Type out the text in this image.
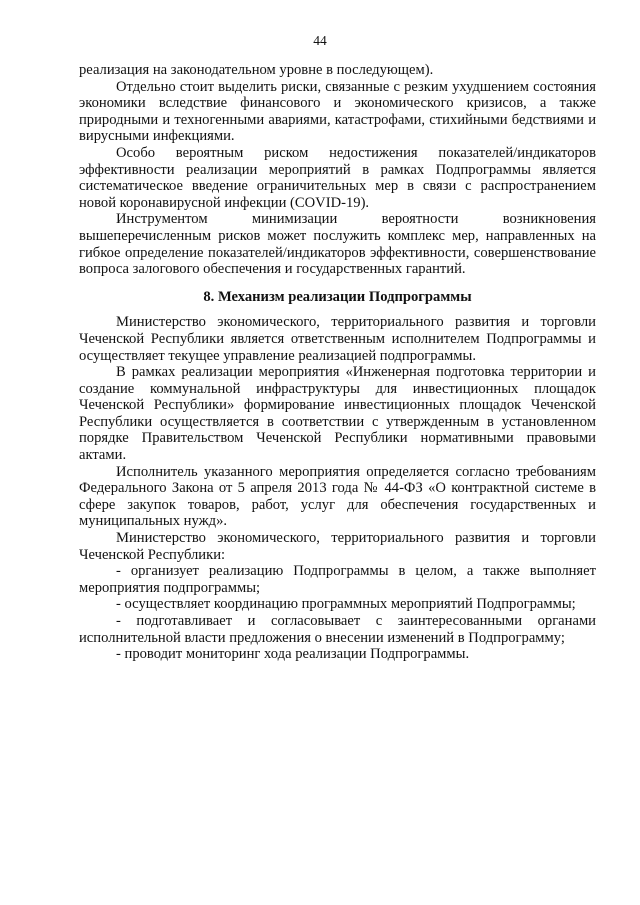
44

реализация на законодательном уровне в последующем).

Отдельно стоит выделить риски, связанные с резким ухудшением состояния экономики вследствие финансового и экономического кризисов, а также природными и техногенными авариями, катастрофами, стихийными бедствиями и вирусными инфекциями.

Особо вероятным риском недостижения показателей/индикаторов эффективности реализации мероприятий в рамках Подпрограммы является систематическое введение ограничительных мер в связи с распространением новой коронавирусной инфекции (COVID-19).

Инструментом минимизации вероятности возникновения вышеперечисленным рисков может послужить комплекс мер, направленных на гибкое определение показателей/индикаторов эффективности, совершенствование вопроса залогового обеспечения и государственных гарантий.

8. Механизм реализации Подпрограммы

Министерство экономического, территориального развития и торговли Чеченской Республики является ответственным исполнителем Подпрограммы и осуществляет текущее управление реализацией подпрограммы.

В рамках реализации мероприятия «Инженерная подготовка территории и создание коммунальной инфраструктуры для инвестиционных площадок Чеченской Республики» формирование инвестиционных площадок Чеченской Республики осуществляется в соответствии с утвержденным в установленном порядке Правительством Чеченской Республики нормативными правовыми актами.

Исполнитель указанного мероприятия определяется согласно требованиям Федерального Закона от 5 апреля 2013 года № 44-ФЗ «О контрактной системе в сфере закупок товаров, работ, услуг для обеспечения государственных и муниципальных нужд».

Министерство экономического, территориального развития и торговли Чеченской Республики:

- организует реализацию Подпрограммы в целом, а также выполняет мероприятия подпрограммы;

- осуществляет координацию программных мероприятий Подпрограммы;

- подготавливает и согласовывает с заинтересованными органами исполнительной власти предложения о внесении изменений в Подпрограмму;

- проводит мониторинг хода реализации Подпрограммы.
